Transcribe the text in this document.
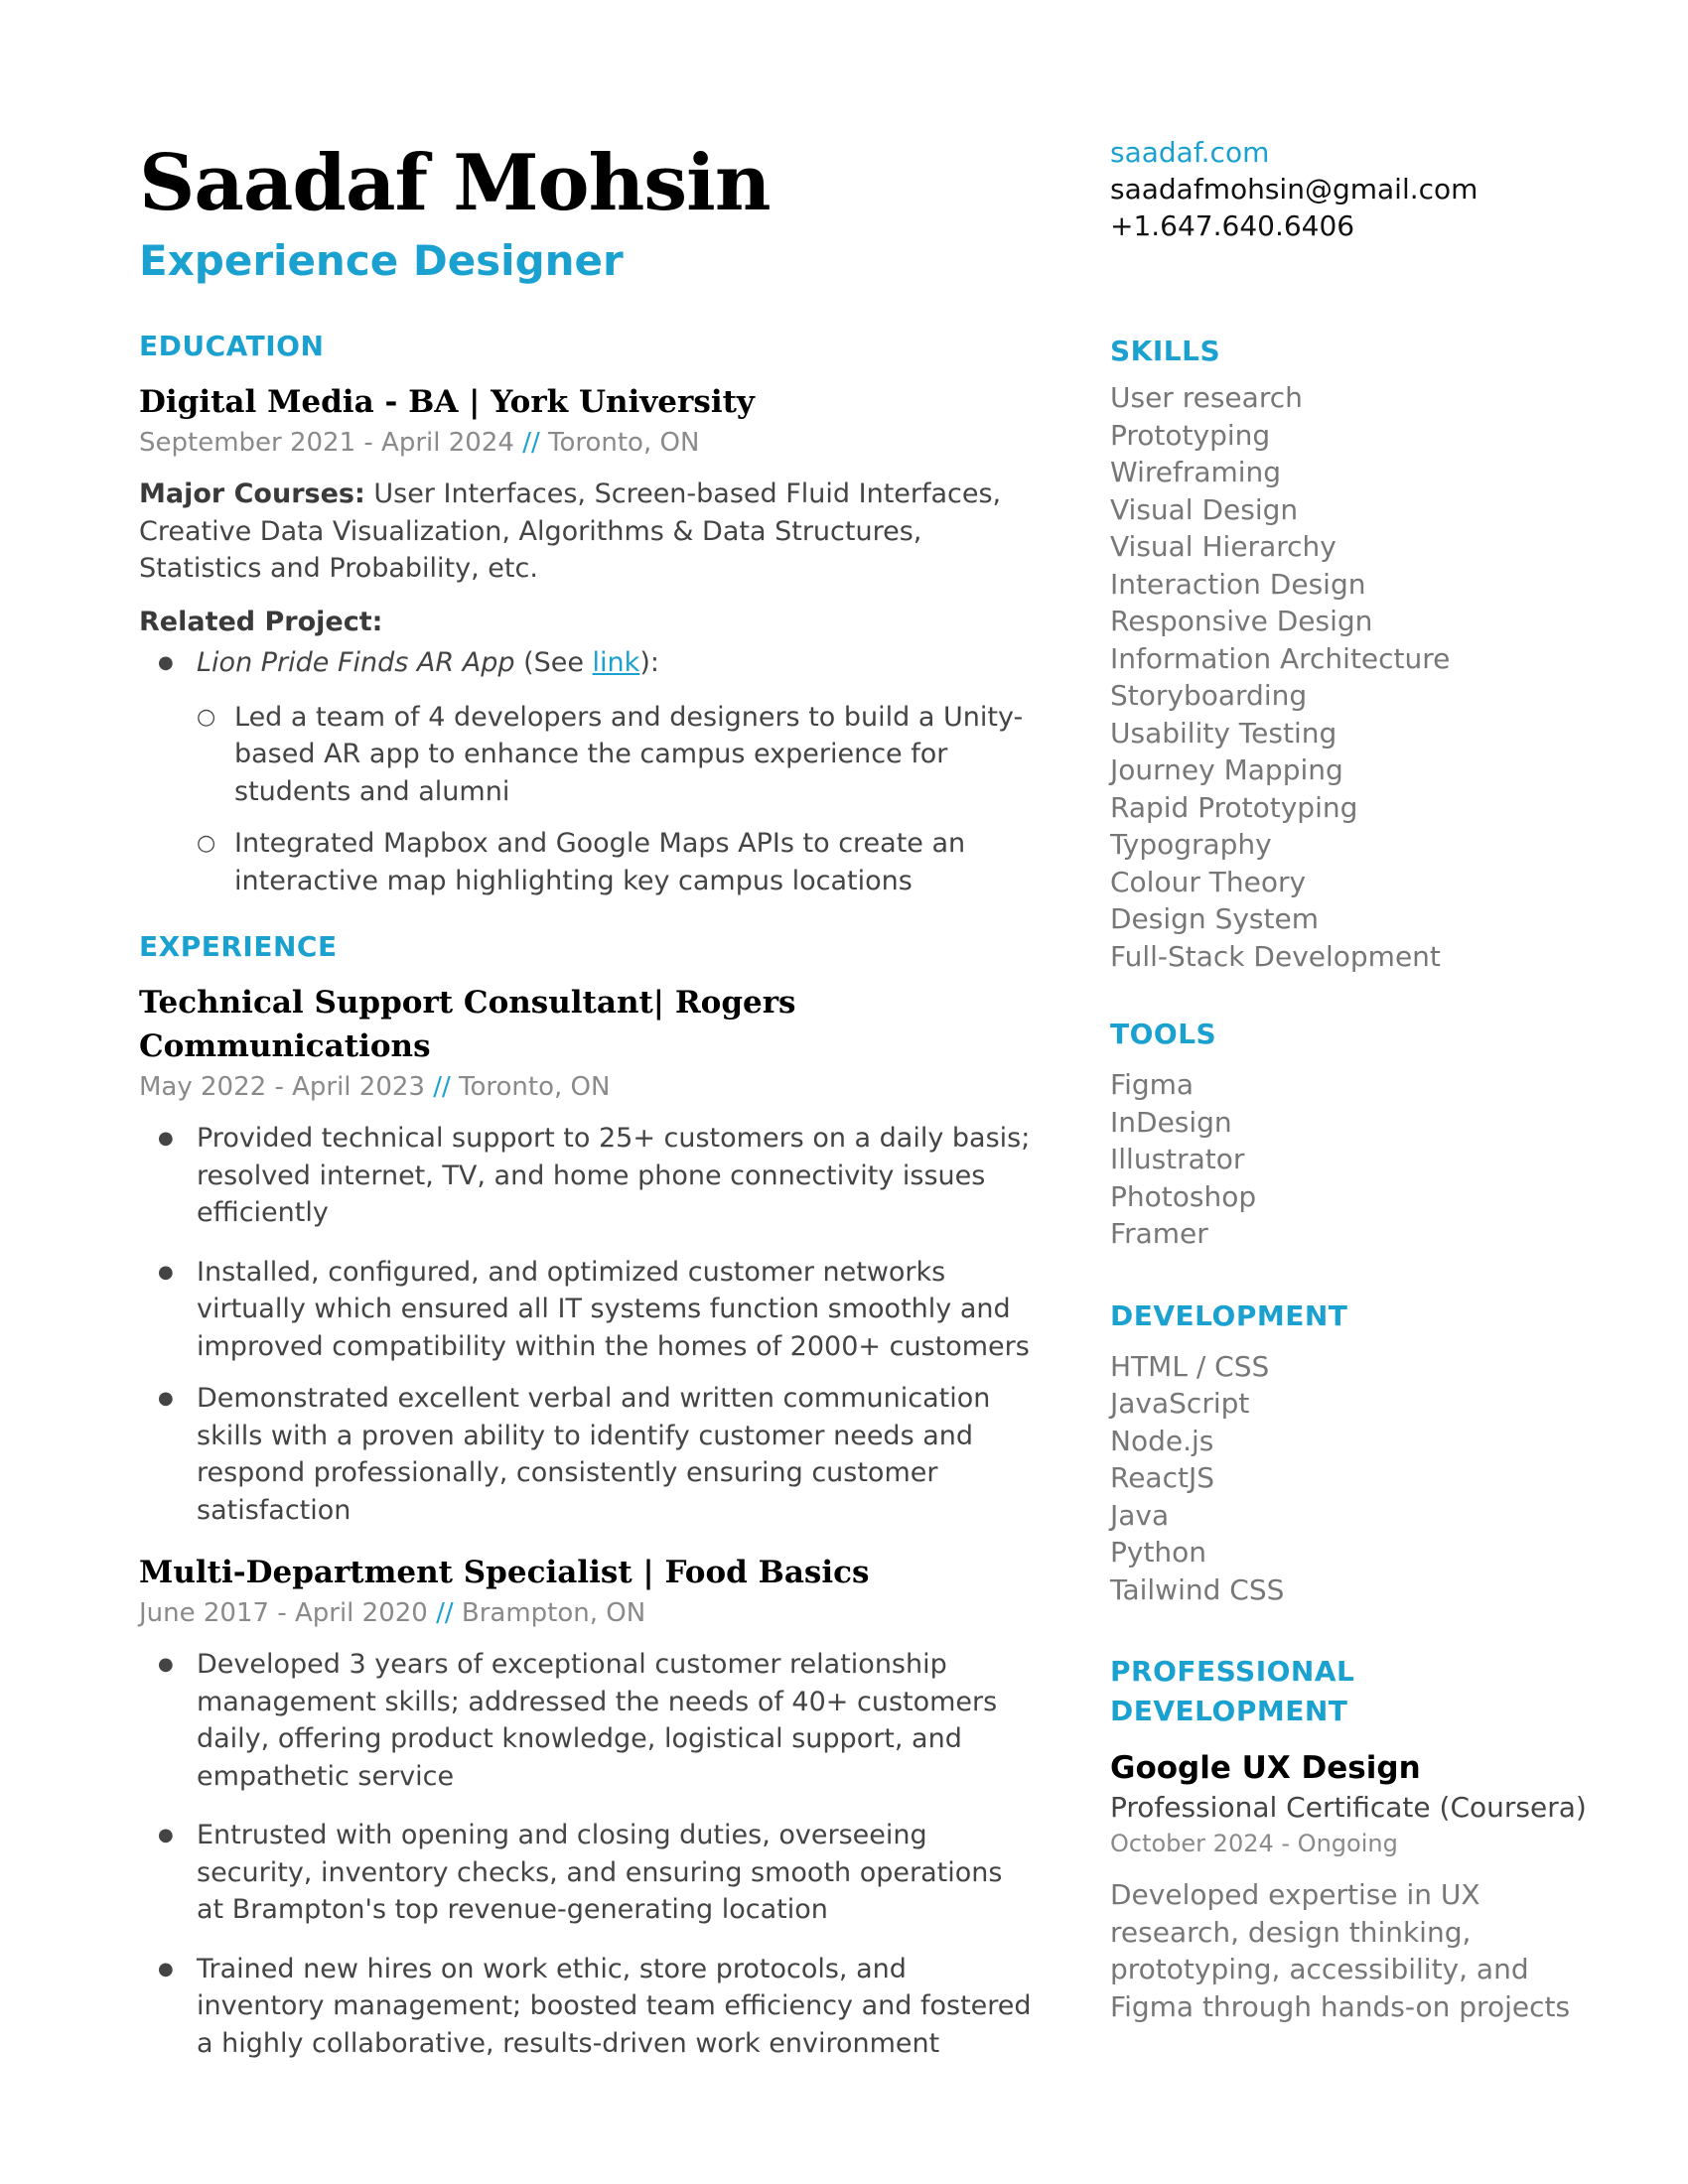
Saadaf Mohsin
Experience Designer
EDUCATION
Digital Media - BA | York University
September 2021 - April 2024 // Toronto, ON

Major Courses: User Interfaces, Screen-based Fluid Interfaces, Creative Data Visualization, Algorithms & Data Structures, Statistics and Probability, etc.

Related Project:

● Lion Pride Finds AR App (See link):
○ Led a team of 4 developers and designers to build a Unity-based AR app to enhance the campus experience for students and alumni
○ Integrated Mapbox and Google Maps APIs to create an interactive map highlighting key campus locations
EXPERIENCE
Technical Support Consultant| Rogers Communications
May 2022 - April 2023 // Toronto, ON
● Provided technical support to 25+ customers on a daily basis; resolved internet, TV, and home phone connectivity issues efficiently
● Installed, configured, and optimized customer networks virtually which ensured all IT systems function smoothly and improved compatibility within the homes of 2000+ customers
● Demonstrated excellent verbal and written communication skills with a proven ability to identify customer needs and respond professionally, consistently ensuring customer satisfaction
Multi-Department Specialist | Food Basics
June 2017 - April 2020 // Brampton, ON
● Developed 3 years of exceptional customer relationship management skills; addressed the needs of 40+ customers daily, offering product knowledge, logistical support, and empathetic service
● Entrusted with opening and closing duties, overseeing security, inventory checks, and ensuring smooth operations at Brampton's top revenue-generating location
● Trained new hires on work ethic, store protocols, and inventory management; boosted team efficiency and fostered a highly collaborative, results-driven work environment
saadaf.com
saadafmohsin@gmail.com
+1.647.640.6406
SKILLS
User research
Prototyping
Wireframing
Visual Design
Visual Hierarchy
Interaction Design
Responsive Design
Information Architecture
Storyboarding
Usability Testing
Journey Mapping
Rapid Prototyping
Typography
Colour Theory
Design System
Full-Stack Development
TOOLS
Figma
InDesign
Illustrator
Photoshop
Framer
DEVELOPMENT
HTML / CSS
JavaScript
Node.js
ReactJS
Java
Python
Tailwind CSS
PROFESSIONAL DEVELOPMENT
Google UX Design
Professional Certificate (Coursera)
October 2024 - Ongoing
Developed expertise in UX research, design thinking, prototyping, accessibility, and Figma through hands-on projects
